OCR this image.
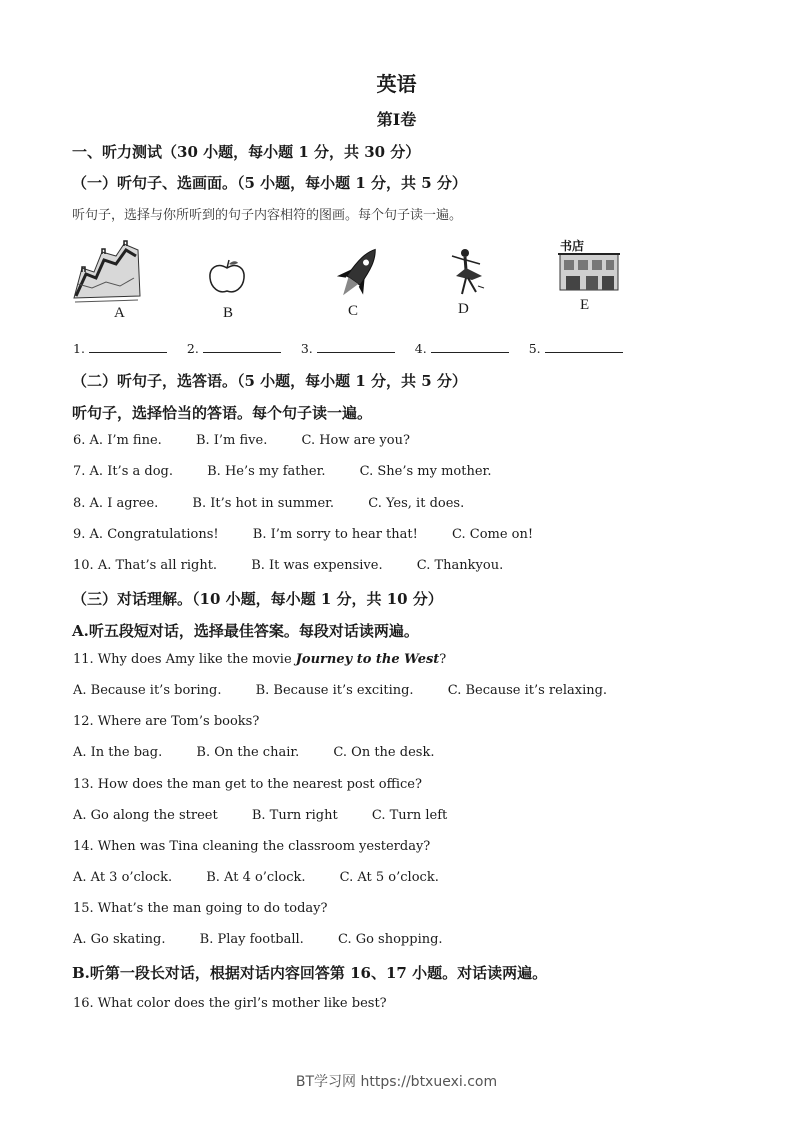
英语
第Ⅰ卷
一、听力测试（30 小题，每小题 1 分，共 30 分）
（一）听句子、选画面。（5 小题，每小题 1 分，共 5 分）
听句子，选择与你所听到的句子内容相符的图画。每个句子读一遍。
A	B	C	D
书店
E
1.	2.	3.	4.	5.
（二）听句子，选答语。（5 小题，每小题 1 分，共 5 分）
听句子，选择恰当的答语。每个句子读一遍。
6. A. I’m fine.	B. I’m five.	C. How are you?
7. A. It’s a dog.	B. He’s my father.	C. She’s my mother.
8. A. I agree.	B. It’s hot in summer.	C. Yes, it does.
9. A. Congratulations!	B. I’m sorry to hear that!	C. Come on!
10. A. That’s all right.	B. It was expensive.	C. Thankyou.
（三）对话理解。（10 小题，每小题 1 分，共 10 分）
A.听五段短对话，选择最佳答案。每段对话读两遍。
11. Why does Amy like the movie Journey to the West?
A. Because it’s boring.	B. Because it’s exciting.	C. Because it’s relaxing.
12. Where are Tom’s books?
A. In the bag.	B. On the chair.	C. On the desk.
13. How does the man get to the nearest post office?
A. Go along the street	B. Turn right	C. Turn left
14. When was Tina cleaning the classroom yesterday?
A. At 3 o’clock.	B. At 4 o’clock.	C. At 5 o’clock.
15. What’s the man going to do today?
A. Go skating.	B. Play football.	C. Go shopping.
B.听第一段长对话，根据对话内容回答第 16、17 小题。对话读两遍。
16. What color does the girl’s mother like best?
BT学习网 https://btxuexi.com
